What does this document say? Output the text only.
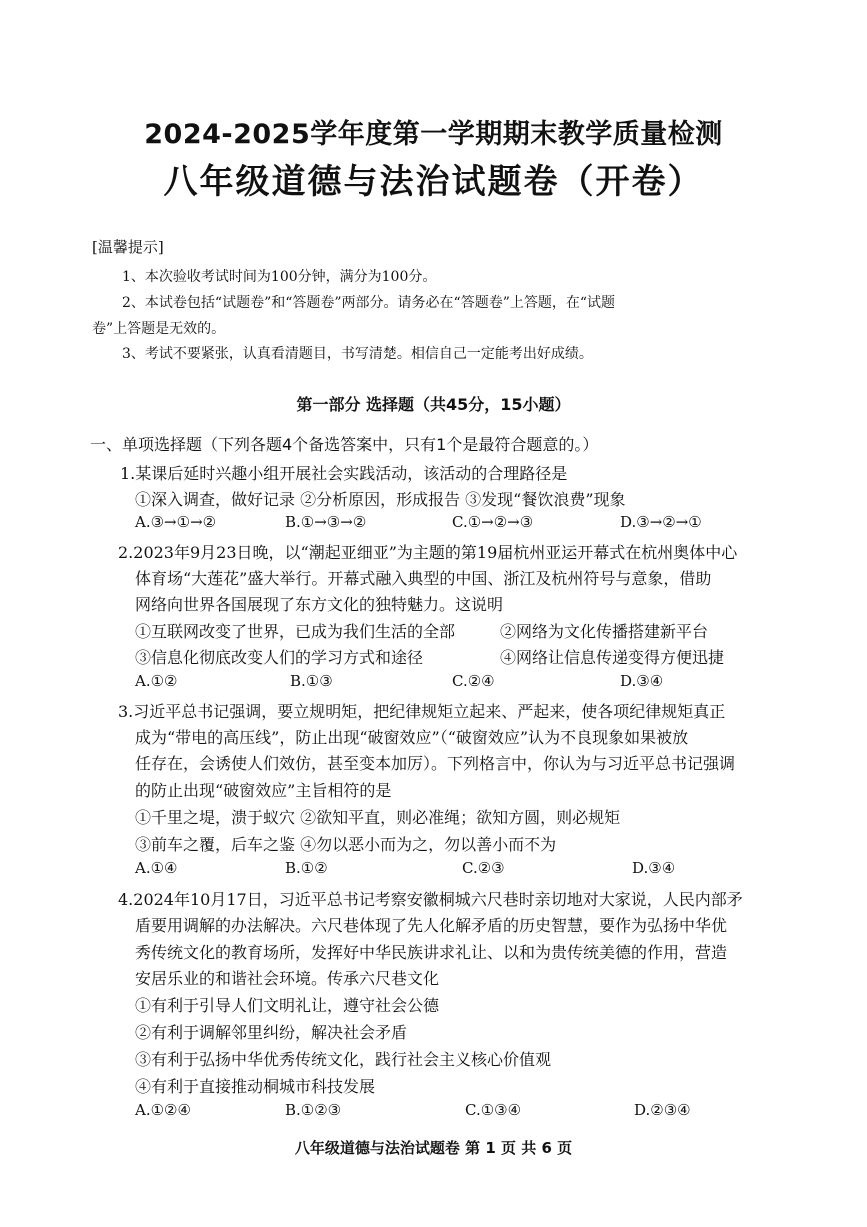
2024-2025学年度第一学期期末教学质量检测
八年级道德与法治试题卷（开卷）
[温馨提示]
1、本次验收考试时间为100分钟，满分为100分。
2、本试卷包括“试题卷”和“答题卷”两部分。请务必在“答题卷”上答题，在“试题
卷”上答题是无效的。
3、考试不要紧张，认真看清题目，书写清楚。相信自己一定能考出好成绩。
第一部分 选择题（共45分，15小题）
一、单项选择题（下列各题4个备选答案中，只有1个是最符合题意的。）
1.某课后延时兴趣小组开展社会实践活动，该活动的合理路径是
①深入调查，做好记录 ②分析原因，形成报告 ③发现“餐饮浪费”现象
A.③→①→②	B.①→③→②	C.①→②→③	D.③→②→①
2.2023年9月23日晚，以“潮起亚细亚”为主题的第19届杭州亚运开幕式在杭州奥体中心
体育场“大莲花”盛大举行。开幕式融入典型的中国、浙江及杭州符号与意象，借助
网络向世界各国展现了东方文化的独特魅力。这说明
①互联网改变了世界，已成为我们生活的全部	②网络为文化传播搭建新平台
③信息化彻底改变人们的学习方式和途径	④网络让信息传递变得方便迅捷
A.①②	B.①③	C.②④	D.③④
3.习近平总书记强调，要立规明矩，把纪律规矩立起来、严起来，使各项纪律规矩真正
成为“带电的高压线”，防止出现“破窗效应”（“破窗效应”认为不良现象如果被放
任存在，会诱使人们效仿，甚至变本加厉）。下列格言中，你认为与习近平总书记强调
的防止出现“破窗效应”主旨相符的是
①千里之堤，溃于蚁穴 ②欲知平直，则必准绳；欲知方圆，则必规矩
③前车之覆，后车之鉴 ④勿以恶小而为之，勿以善小而不为
A.①④	B.①②	C.②③	D.③④
4.2024年10月17日，习近平总书记考察安徽桐城六尺巷时亲切地对大家说，人民内部矛
盾要用调解的办法解决。六尺巷体现了先人化解矛盾的历史智慧，要作为弘扬中华优
秀传统文化的教育场所，发挥好中华民族讲求礼让、以和为贵传统美德的作用，营造
安居乐业的和谐社会环境。传承六尺巷文化
①有利于引导人们文明礼让，遵守社会公德
②有利于调解邻里纠纷，解决社会矛盾
③有利于弘扬中华优秀传统文化，践行社会主义核心价值观
④有利于直接推动桐城市科技发展
A.①②④	B.①②③	C.①③④	D.②③④
八年级道德与法治试题卷 第 1 页 共 6 页
